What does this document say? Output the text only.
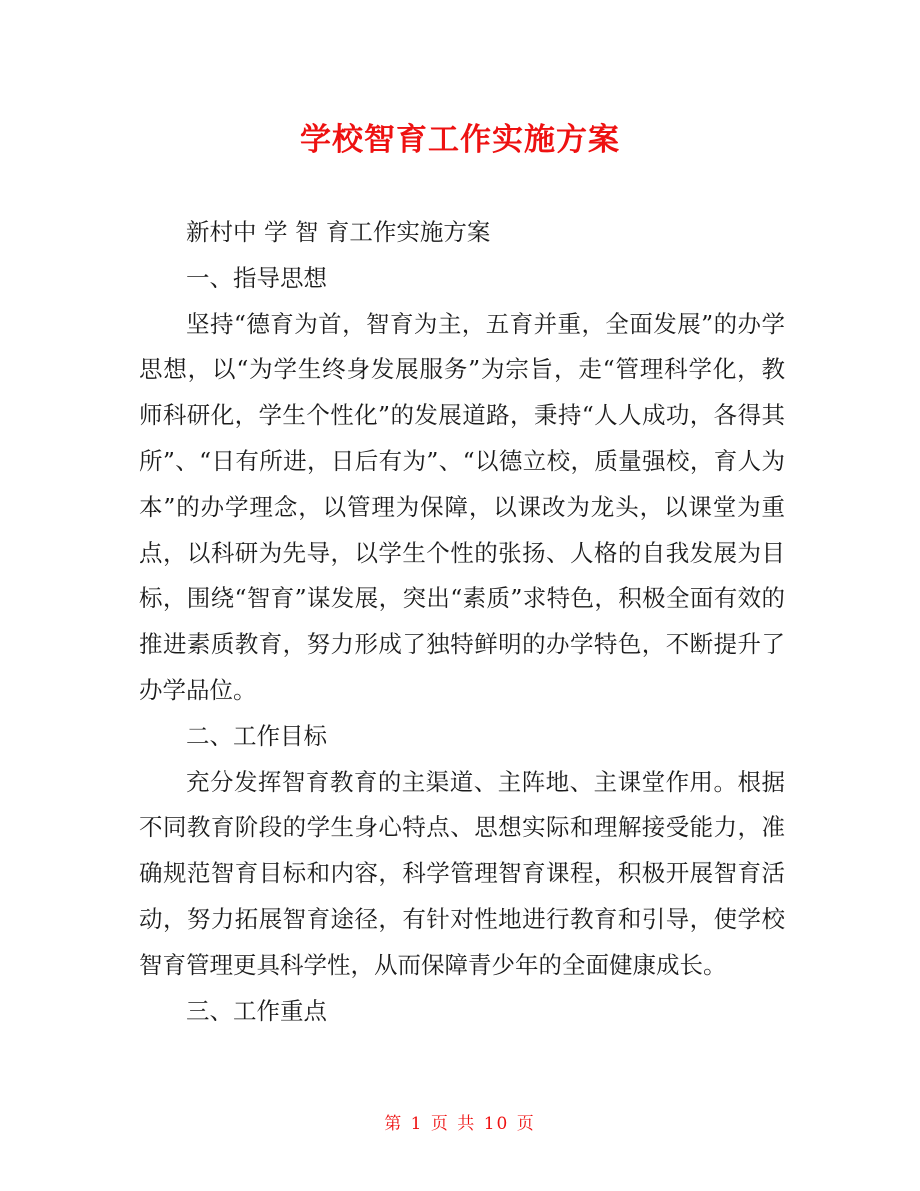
学校智育工作实施方案

新村中 学 智 育工作实施方案

一、指导思想

坚持“德育为首，智育为主，五育并重，全面发展”的办学思想，以“为学生终身发展服务”为宗旨，走“管理科学化，教师科研化，学生个性化”的发展道路，秉持“人人成功，各得其所”、“日有所进，日后有为”、“以德立校，质量强校，育人为本”的办学理念，以管理为保障，以课改为龙头，以课堂为重点，以科研为先导，以学生个性的张扬、人格的自我发展为目标，围绕“智育”谋发展，突出“素质”求特色，积极全面有效的推进素质教育，努力形成了独特鲜明的办学特色，不断提升了办学品位。

二、工作目标

充分发挥智育教育的主渠道、主阵地、主课堂作用。根据不同教育阶段的学生身心特点、思想实际和理解接受能力，准确规范智育目标和内容，科学管理智育课程，积极开展智育活动，努力拓展智育途径，有针对性地进行教育和引导，使学校智育管理更具科学性，从而保障青少年的全面健康成长。

三、工作重点

第 1 页 共 10 页
